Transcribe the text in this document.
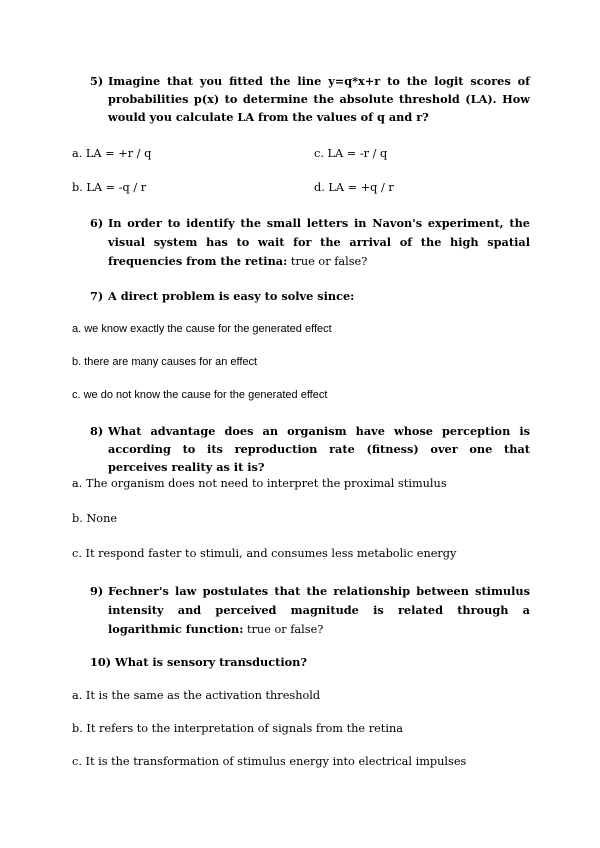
5) Imagine that you fitted the line y=q*x+r to the logit scores of probabilities p(x) to determine the absolute threshold (LA). How would you calculate LA from the values of q and r?
a. LA = +r / q
b. LA = -q / r
c. LA = -r / q
d. LA = +q / r
6) In order to identify the small letters in Navon's experiment, the visual system has to wait for the arrival of the high spatial frequencies from the retina: true or false?
7) A direct problem is easy to solve since:
a. we know exactly the cause for the generated effect
b. there are many causes for an effect
c. we do not know the cause for the generated effect
8) What advantage does an organism have whose perception is according to its reproduction rate (fitness) over one that perceives reality as it is?
a. The organism does not need to interpret the proximal stimulus
b. None
c. It respond faster to stimuli, and consumes less metabolic energy
9) Fechner's law postulates that the relationship between stimulus intensity and perceived magnitude is related through a logarithmic function: true or false?
10) What is sensory transduction?
a. It is the same as the activation threshold
b. It refers to the interpretation of signals from the retina
c. It is the transformation of stimulus energy into electrical impulses
